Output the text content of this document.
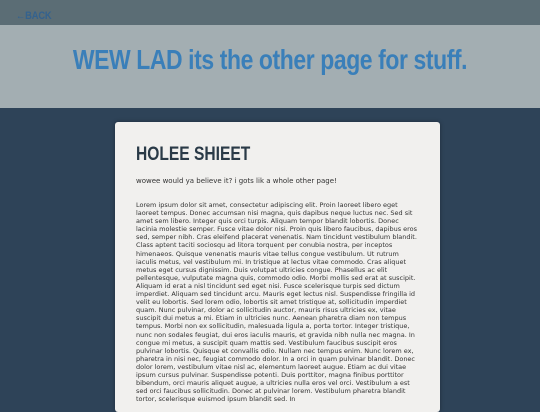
←BACK
WEW LAD its the other page for stuff.
HOLEE SHIEET

wowee would ya believe it? i gots lik a whole other page!

Lorem ipsum dolor sit amet, consectetur adipiscing elit. Proin laoreet libero eget laoreet tempus. Donec accumsan nisi magna, quis dapibus neque luctus nec. Sed sit amet sem libero. Integer quis orci turpis. Aliquam tempor blandit lobortis. Donec lacinia molestie semper. Fusce vitae dolor nisi. Proin quis libero faucibus, dapibus eros sed, semper nibh. Cras eleifend placerat venenatis. Nam tincidunt vestibulum blandit. Class aptent taciti sociosqu ad litora torquent per conubia nostra, per inceptos himenaeos. Quisque venenatis mauris vitae tellus congue vestibulum. Ut rutrum iaculis metus, vel vestibulum mi. In tristique at lectus vitae commodo. Cras aliquet metus eget cursus dignissim. Duis volutpat ultricies congue. Phasellus ac elit pellentesque, vulputate magna quis, commodo odio. Morbi mollis sed erat at suscipit. Aliquam id erat a nisl tincidunt sed eget nisi. Fusce scelerisque turpis sed dictum imperdiet. Aliquam sed tincidunt arcu. Mauris eget lectus nisl. Suspendisse fringilla id velit eu lobortis. Sed lorem odio, lobortis sit amet tristique at, sollicitudin imperdiet quam. Nunc pulvinar, dolor ac sollicitudin auctor, mauris risus ultricies ex, vitae suscipit dui metus a mi. Etiam in ultricies nunc. Aenean pharetra diam non tempus tempus. Morbi non ex sollicitudin, malesuada ligula a, porta tortor. Integer tristique, nunc non sodales feugiat, dui eros iaculis mauris, et gravida nibh nulla nec magna. In congue mi metus, a suscipit quam mattis sed. Vestibulum faucibus suscipit eros pulvinar lobortis. Quisque et convallis odio. Nullam nec tempus enim. Nunc lorem ex, pharetra in nisi nec, feugiat commodo dolor. In a orci in quam pulvinar blandit. Donec dolor lorem, vestibulum vitae nisl ac, elementum laoreet augue. Etiam ac dui vitae ipsum cursus pulvinar. Suspendisse potenti. Duis porttitor, magna finibus porttitor bibendum, orci mauris aliquet augue, a ultricies nulla eros vel orci. Vestibulum a est sed orci faucibus sollicitudin. Donec at pulvinar lorem. Vestibulum pharetra blandit tortor, scelerisque euismod ipsum blandit sed. In
